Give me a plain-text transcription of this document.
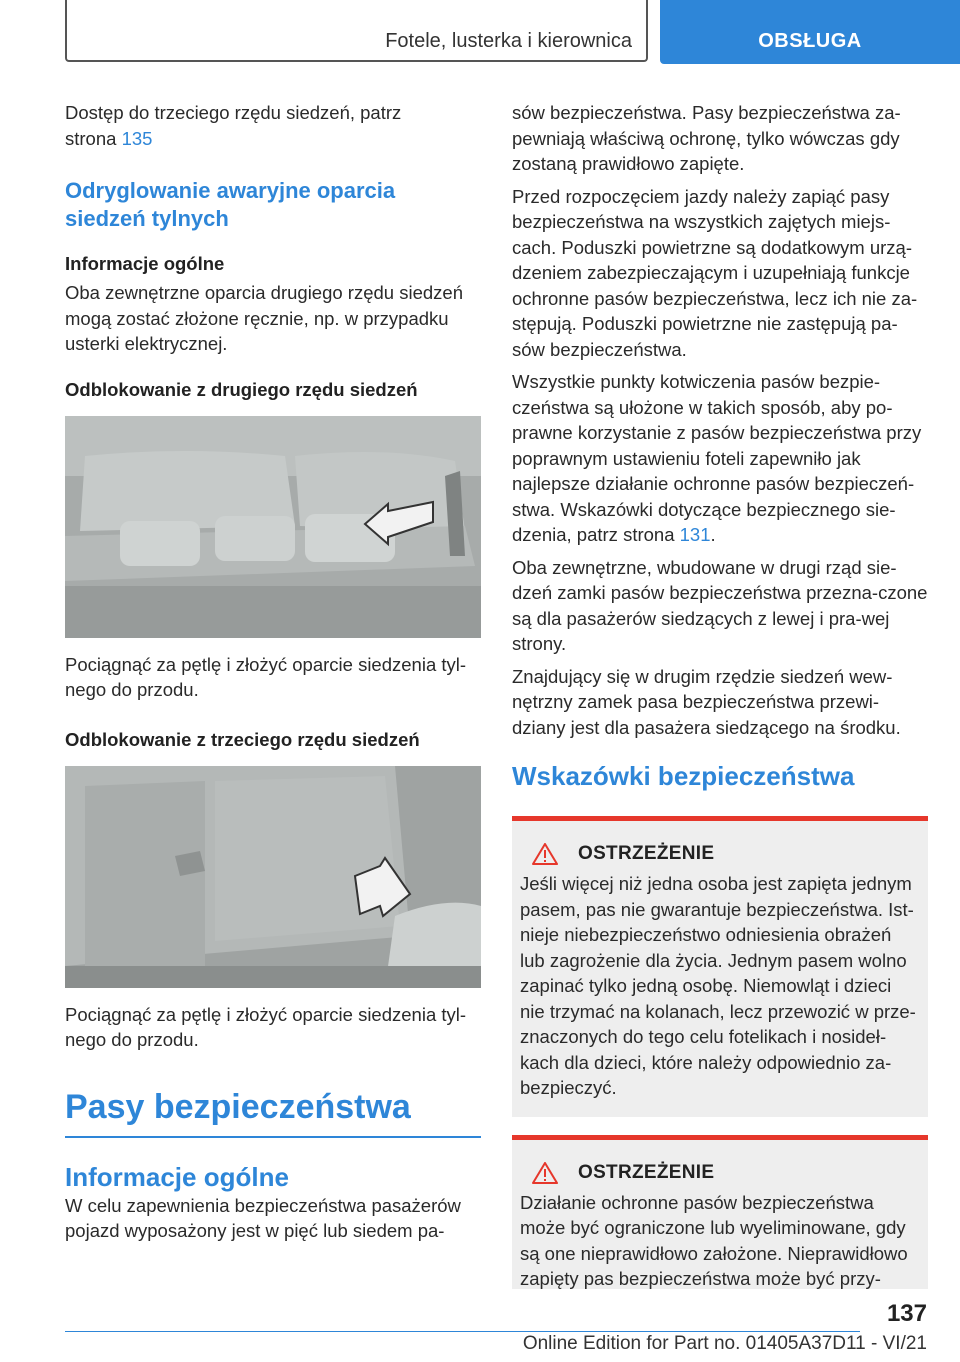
Fotele, lusterka i kierownica	OBSŁUGA

Dostęp do trzeciego rzędu siedzeń, patrz
strona 135

Odryglowanie awaryjne oparcia
siedzeń tylnych
Informacje ogólne

Oba zewnętrzne oparcia drugiego rzędu siedzeń mogą zostać złożone ręcznie, np. w przypadku usterki elektrycznej.

Odblokowanie z drugiego rzędu siedzeń

Pociągnąć za pętlę i złożyć oparcie siedzenia tyl-nego do przodu.

Odblokowanie z trzeciego rzędu siedzeń

Pociągnąć za pętlę i złożyć oparcie siedzenia tyl-nego do przodu.

Pasy bezpieczeństwa
Informacje ogólne

W celu zapewnienia bezpieczeństwa pasażerów pojazd wyposażony jest w pięć lub siedem pa-

sów bezpieczeństwa. Pasy bezpieczeństwa za-pewniają właściwą ochronę, tylko wówczas gdy zostaną prawidłowo zapięte.

Przed rozpoczęciem jazdy należy zapiąć pasy bezpieczeństwa na wszystkich zajętych miejs-cach. Poduszki powietrzne są dodatkowym urzą-dzeniem zabezpieczającym i uzupełniają funkcje ochronne pasów bezpieczeństwa, lecz ich nie za-stępują. Poduszki powietrzne nie zastępują pa-sów bezpieczeństwa.

Wszystkie punkty kotwiczenia pasów bezpie-czeństwa są ułożone w takich sposób, aby po-prawne korzystanie z pasów bezpieczeństwa przy poprawnym ustawieniu foteli zapewniło jak najlepsze działanie ochronne pasów bezpieczeń-stwa. Wskazówki dotyczące bezpiecznego sie-dzenia, patrz strona 131.

Oba zewnętrzne, wbudowane w drugi rząd sie-dzeń zamki pasów bezpieczeństwa przezna-czone są dla pasażerów siedzących z lewej i pra-wej strony.

Znajdujący się w drugim rzędzie siedzeń wew-nętrzny zamek pasa bezpieczeństwa przewi-dziany jest dla pasażera siedzącego na środku.

Wskazówki bezpieczeństwa
OSTRZEŻENIE

Jeśli więcej niż jedna osoba jest zapięta jednym pasem, pas nie gwarantuje bezpieczeństwa. Ist-nieje niebezpieczeństwo odniesienia obrażeń lub zagrożenie dla życia. Jednym pasem wolno zapinać tylko jedną osobę. Niemowląt i dzieci nie trzymać na kolanach, lecz przewozić w prze-znaczonych do tego celu fotelikach i nosideł-kach dla dzieci, które należy odpowiednio za-bezpieczyć.

OSTRZEŻENIE

Działanie ochronne pasów bezpieczeństwa może być ograniczone lub wyeliminowane, gdy są one nieprawidłowo założone. Nieprawidłowo zapięty pas bezpieczeństwa może być przy-

137
Online Edition for Part no. 01405A37D11 - VI/21
